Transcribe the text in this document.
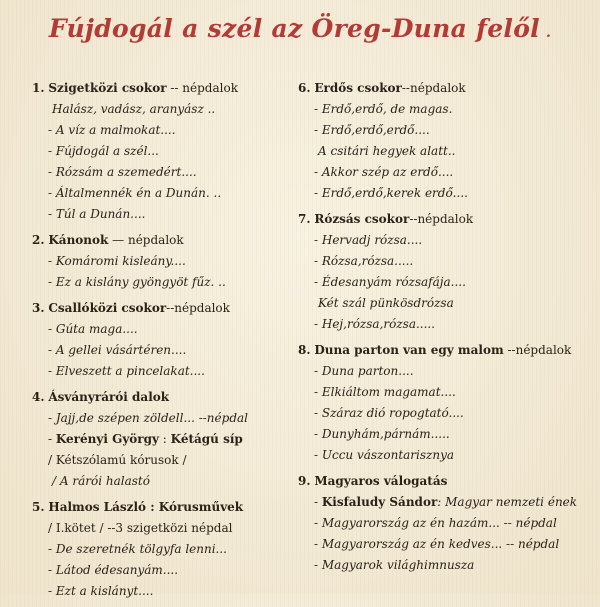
Fújdogál a szél az Öreg-Duna felől .
1. Szigetközi csokor -- népdalok
Halász, vadász, aranyász ..
- A víz a malmokat....
- Fújdogál a szél...
- Rózsám a szemedért....
- Általmennék én a Dunán. ..
- Túl a Dunán....
2. Kánonok — népdalok
- Komáromi kisleány....
- Ez a kislány gyöngyöt fűz. ..
3. Csallóközi csokor--népdalok
- Gúta maga....
- A gellei vásártéren....
- Elveszett a pincelakat....
4. Ásványrárói dalok
- Jajj,de szépen zöldell... --népdal
- Kerényi György : Kétágú síp
/ Kétszólamú kórusok /
/ A rárói halastó
5. Halmos László : Kórusművek
/ I.kötet / --3 szigetközi népdal
- De szeretnék tölgyfa lenni...
- Látod édesanyám....
- Ezt a kislányt....
6. Erdős csokor--népdalok
- Erdő,erdő, de magas.
- Erdő,erdő,erdő....
A csitári hegyek alatt..
- Akkor szép az erdő....
- Erdő,erdő,kerek erdő....
7. Rózsás csokor--népdalok
- Hervadj rózsa....
- Rózsa,rózsa.....
- Édesanyám rózsafája....
Két szál pünkösdrózsa
- Hej,rózsa,rózsa.....
8. Duna parton van egy malom --népdalok
- Duna parton....
- Elkiáltom magamat....
- Száraz dió ropogtató....
- Dunyhám,párnám.....
- Uccu vászontarisznya
9. Magyaros válogatás
- Kisfaludy Sándor: Magyar nemzeti ének
- Magyarország az én hazám... -- népdal
- Magyarország az én kedves... -- népdal
- Magyarok világhimnusza
